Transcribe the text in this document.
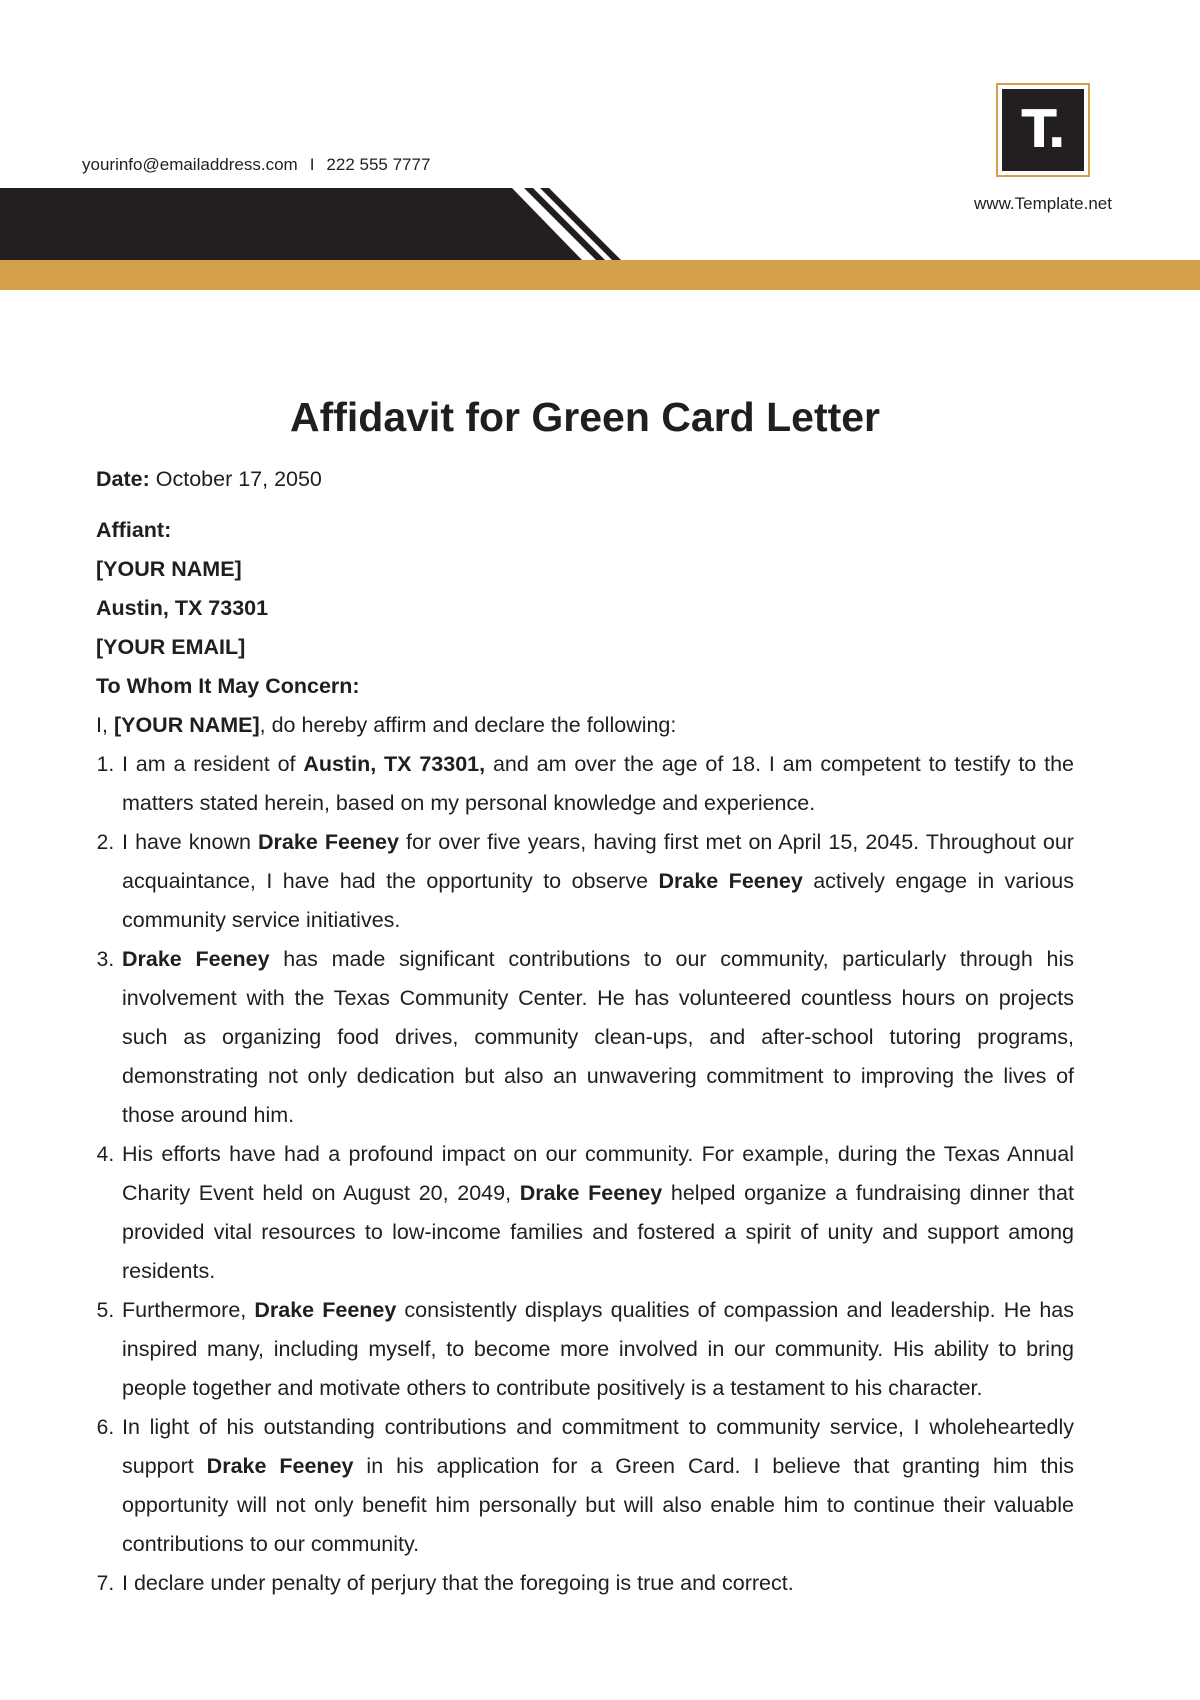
yourinfo@emailaddress.com I 222 555 7777
T.
www.Template.net
Affidavit for Green Card Letter

Date: October 17, 2050

Affiant:

[YOUR NAME]

Austin, TX 73301

[YOUR EMAIL]

To Whom It May Concern:

I, [YOUR NAME], do hereby affirm and declare the following:

1. I am a resident of Austin, TX 73301, and am over the age of 18. I am competent to testify to the matters stated herein, based on my personal knowledge and experience.
2. I have known Drake Feeney for over five years, having first met on April 15, 2045. Throughout our acquaintance, I have had the opportunity to observe Drake Feeney actively engage in various community service initiatives.
3. Drake Feeney has made significant contributions to our community, particularly through his involvement with the Texas Community Center. He has volunteered countless hours on projects such as organizing food drives, community clean-ups, and after-school tutoring programs, demonstrating not only dedication but also an unwavering commitment to improving the lives of those around him.
4. His efforts have had a profound impact on our community. For example, during the Texas Annual Charity Event held on August 20, 2049, Drake Feeney helped organize a fundraising dinner that provided vital resources to low-income families and fostered a spirit of unity and support among residents.
5. Furthermore, Drake Feeney consistently displays qualities of compassion and leadership. He has inspired many, including myself, to become more involved in our community. His ability to bring people together and motivate others to contribute positively is a testament to his character.
6. In light of his outstanding contributions and commitment to community service, I wholeheartedly support Drake Feeney in his application for a Green Card. I believe that granting him this opportunity will not only benefit him personally but will also enable him to continue their valuable contributions to our community.
7. I declare under penalty of perjury that the foregoing is true and correct.
